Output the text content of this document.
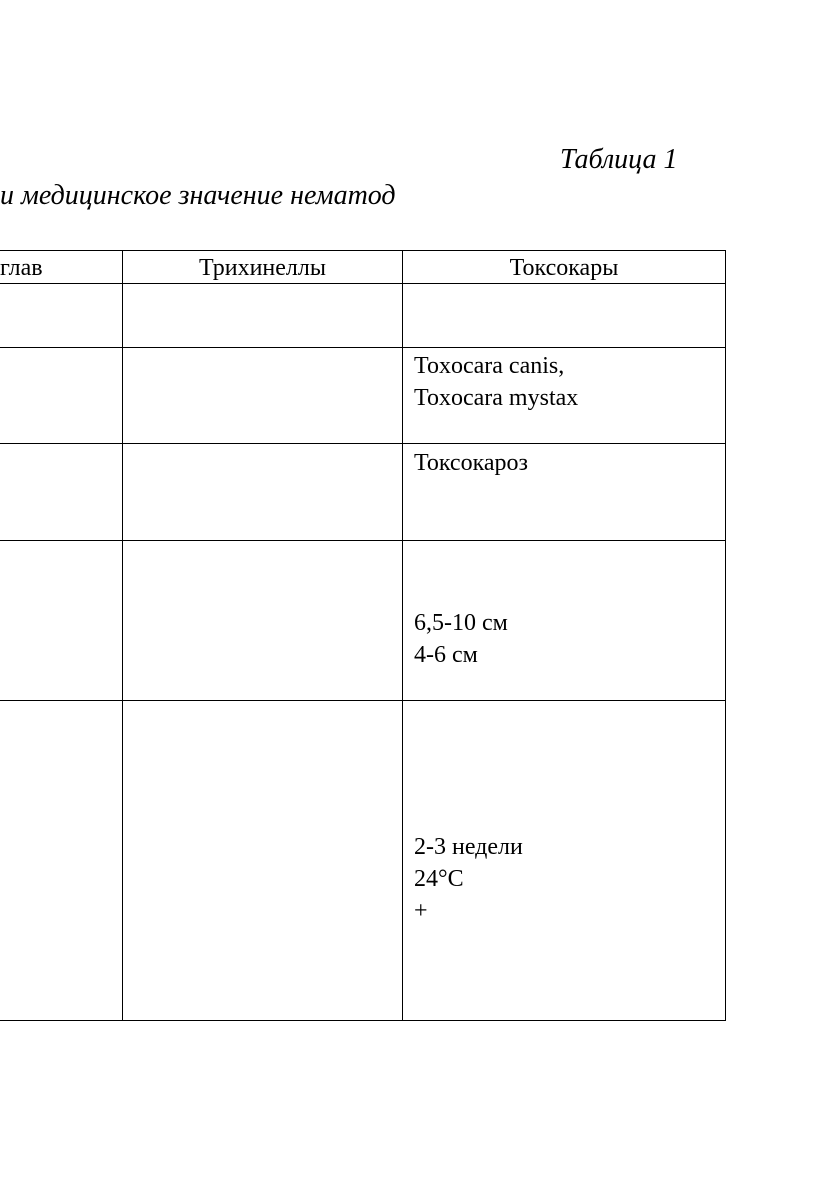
Таблица 1
и медицинское значение нематод
глав	Трихинеллы	Токсокары
Toxocara canis,
Toxocara mystax
Токсокароз
6,5-10 см
4-6 см
2-3 недели
24°C
+
